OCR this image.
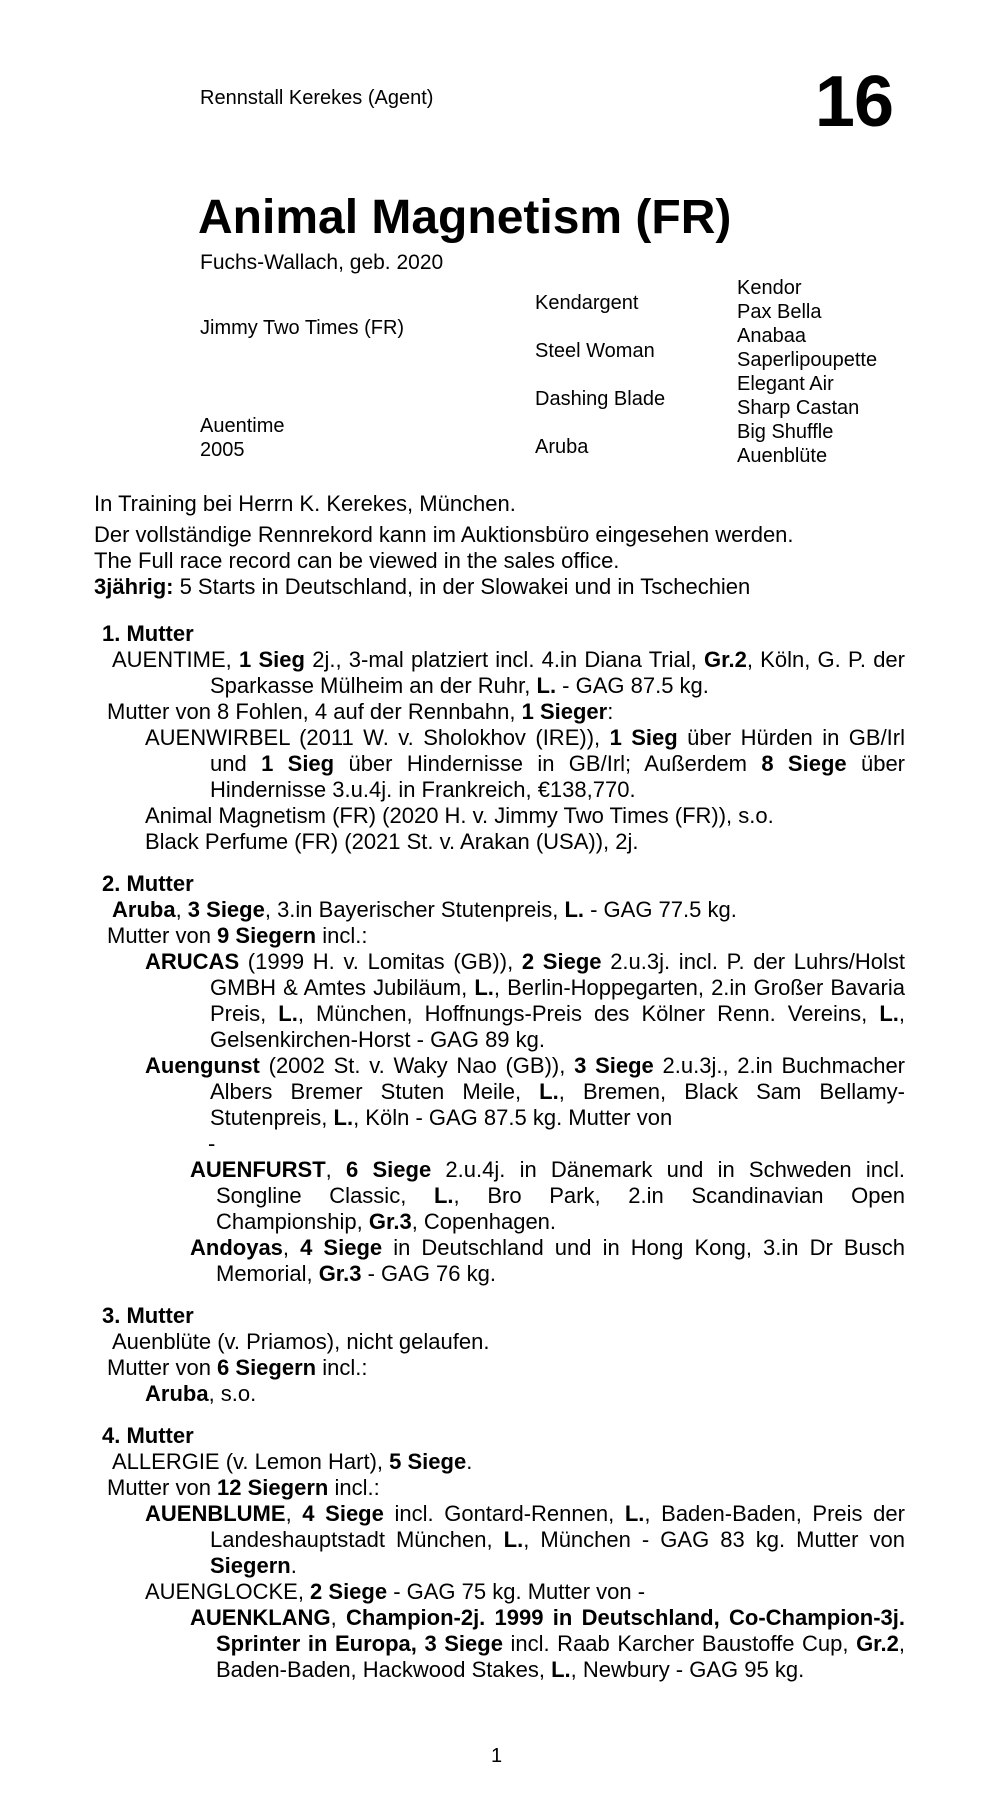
Rennstall Kerekes (Agent)	16
Animal Magnetism (FR)
Fuchs-Wallach, geb. 2020
Jimmy Two Times (FR)
Auentime
2005
Kendargent
Steel Woman
Dashing Blade
Aruba
Kendor
Pax Bella
Anabaa
Saperlipoupette
Elegant Air
Sharp Castan
Big Shuffle
Auenblüte

In Training bei Herrn K. Kerekes, München.

Der vollständige Rennrekord kann im Auktionsbüro eingesehen werden.

The Full race record can be viewed in the sales office.

3jährig: 5 Starts in Deutschland, in der Slowakei und in Tschechien

1. Mutter

AUENTIME, 1 Sieg 2j., 3-mal platziert incl. 4.in Diana Trial, Gr.2, Köln, G. P. der Sparkasse Mülheim an der Ruhr, L. - GAG 87.5 kg.

Mutter von 8 Fohlen, 4 auf der Rennbahn, 1 Sieger:

AUENWIRBEL (2011 W. v. Sholokhov (IRE)), 1 Sieg über Hürden in GB/Irl und 1 Sieg über Hindernisse in GB/Irl; Außerdem 8 Siege über Hindernisse 3.u.4j. in Frankreich, €138,770.

Animal Magnetism (FR) (2020 H. v. Jimmy Two Times (FR)), s.o.

Black Perfume (FR) (2021 St. v. Arakan (USA)), 2j.

2. Mutter

Aruba, 3 Siege, 3.in Bayerischer Stutenpreis, L. - GAG 77.5 kg.

Mutter von 9 Siegern incl.:

ARUCAS (1999 H. v. Lomitas (GB)), 2 Siege 2.u.3j. incl. P. der Luhrs/Holst GMBH & Amtes Jubiläum, L., Berlin-Hoppegarten, 2.in Großer Bavaria Preis, L., München, Hoffnungs-Preis des Kölner Renn. Vereins, L., Gelsenkirchen-Horst - GAG 89 kg.

Auengunst (2002 St. v. Waky Nao (GB)), 3 Siege 2.u.3j., 2.in Buchmacher Albers Bremer Stuten Meile, L., Bremen, Black Sam Bellamy-Stutenpreis, L., Köln - GAG 87.5 kg. Mutter von

-

AUENFURST, 6 Siege 2.u.4j. in Dänemark und in Schweden incl. Songline Classic, L., Bro Park, 2.in Scandinavian Open Championship, Gr.3, Copenhagen.

Andoyas, 4 Siege in Deutschland und in Hong Kong, 3.in Dr Busch Memorial, Gr.3 - GAG 76 kg.

3. Mutter

Auenblüte (v. Priamos), nicht gelaufen.

Mutter von 6 Siegern incl.:

Aruba, s.o.

4. Mutter

ALLERGIE (v. Lemon Hart), 5 Siege.

Mutter von 12 Siegern incl.:

AUENBLUME, 4 Siege incl. Gontard-Rennen, L., Baden-Baden, Preis der Landeshauptstadt München, L., München - GAG 83 kg. Mutter von Siegern.

AUENGLOCKE, 2 Siege - GAG 75 kg. Mutter von -

AUENKLANG, Champion-2j. 1999 in Deutschland, Co-Champion-3j. Sprinter in Europa, 3 Siege incl. Raab Karcher Baustoffe Cup, Gr.2, Baden-Baden, Hackwood Stakes, L., Newbury - GAG 95 kg.

1
